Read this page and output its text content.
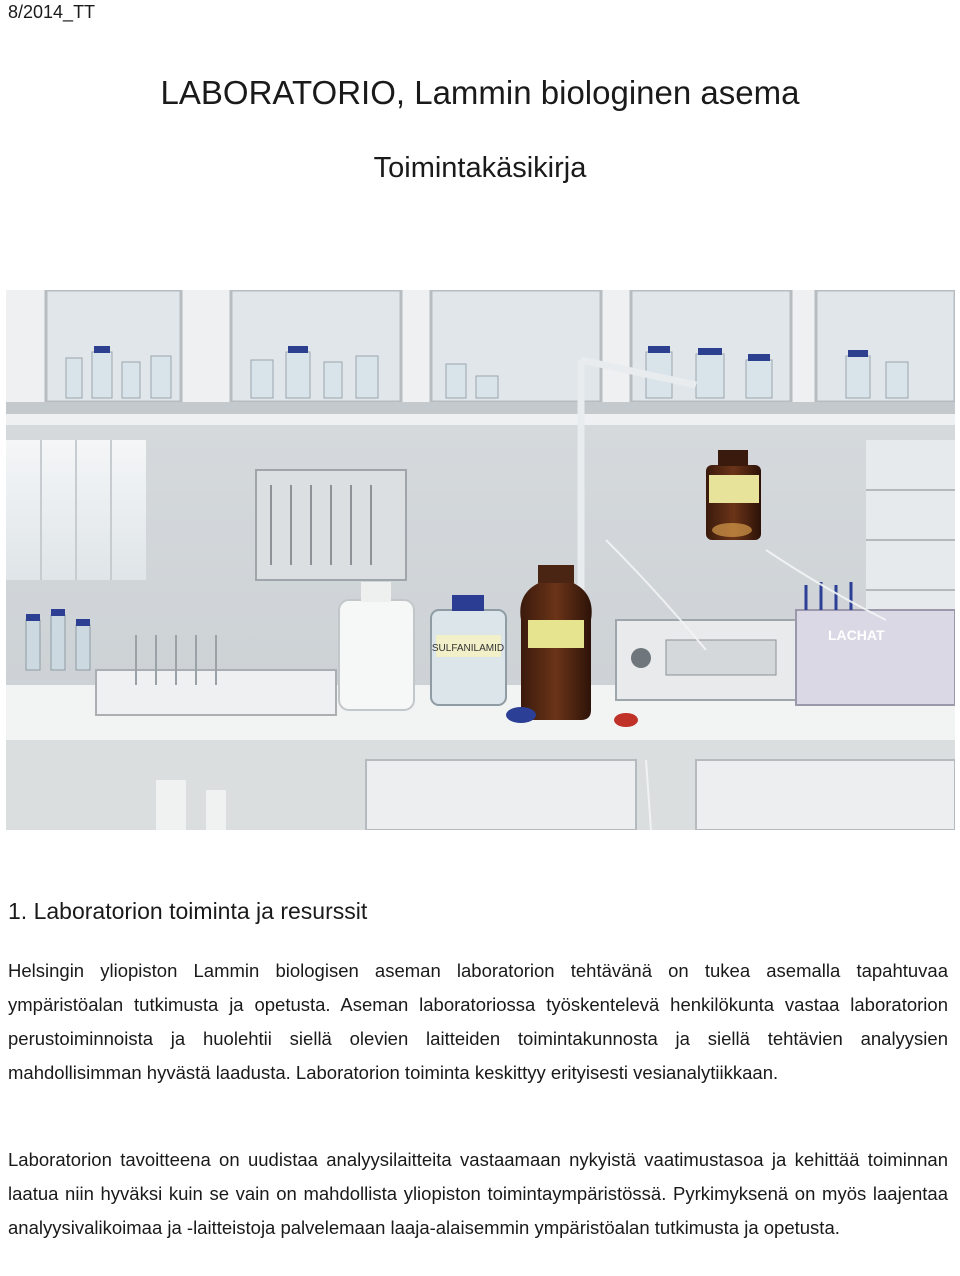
8/2014_TT
LABORATORIO, Lammin biologinen asema
Toimintakäsikirja
SULFANILAMID
LACHAT
1. Laboratorion toiminta ja resurssit
Helsingin yliopiston Lammin biologisen aseman laboratorion tehtävänä on tukea asemalla tapahtuvaa ympäristöalan tutkimusta ja opetusta. Aseman laboratoriossa työskentelevä henkilökunta vastaa laboratorion perustoiminnoista ja huolehtii siellä olevien laitteiden toimintakunnosta ja siellä tehtävien analyysien mahdollisimman hyvästä laadusta. Laboratorion toiminta keskittyy erityisesti vesianalytiikkaan.
Laboratorion tavoitteena on uudistaa analyysilaitteita vastaamaan nykyistä vaatimustasoa ja kehittää toiminnan laatua niin hyväksi kuin se vain on mahdollista yliopiston toimintaympäristössä. Pyrkimyksenä on myös laajentaa analyysivalikoimaa ja -laitteistoja palvelemaan laaja-alaisemmin ympäristöalan tutkimusta ja opetusta.
